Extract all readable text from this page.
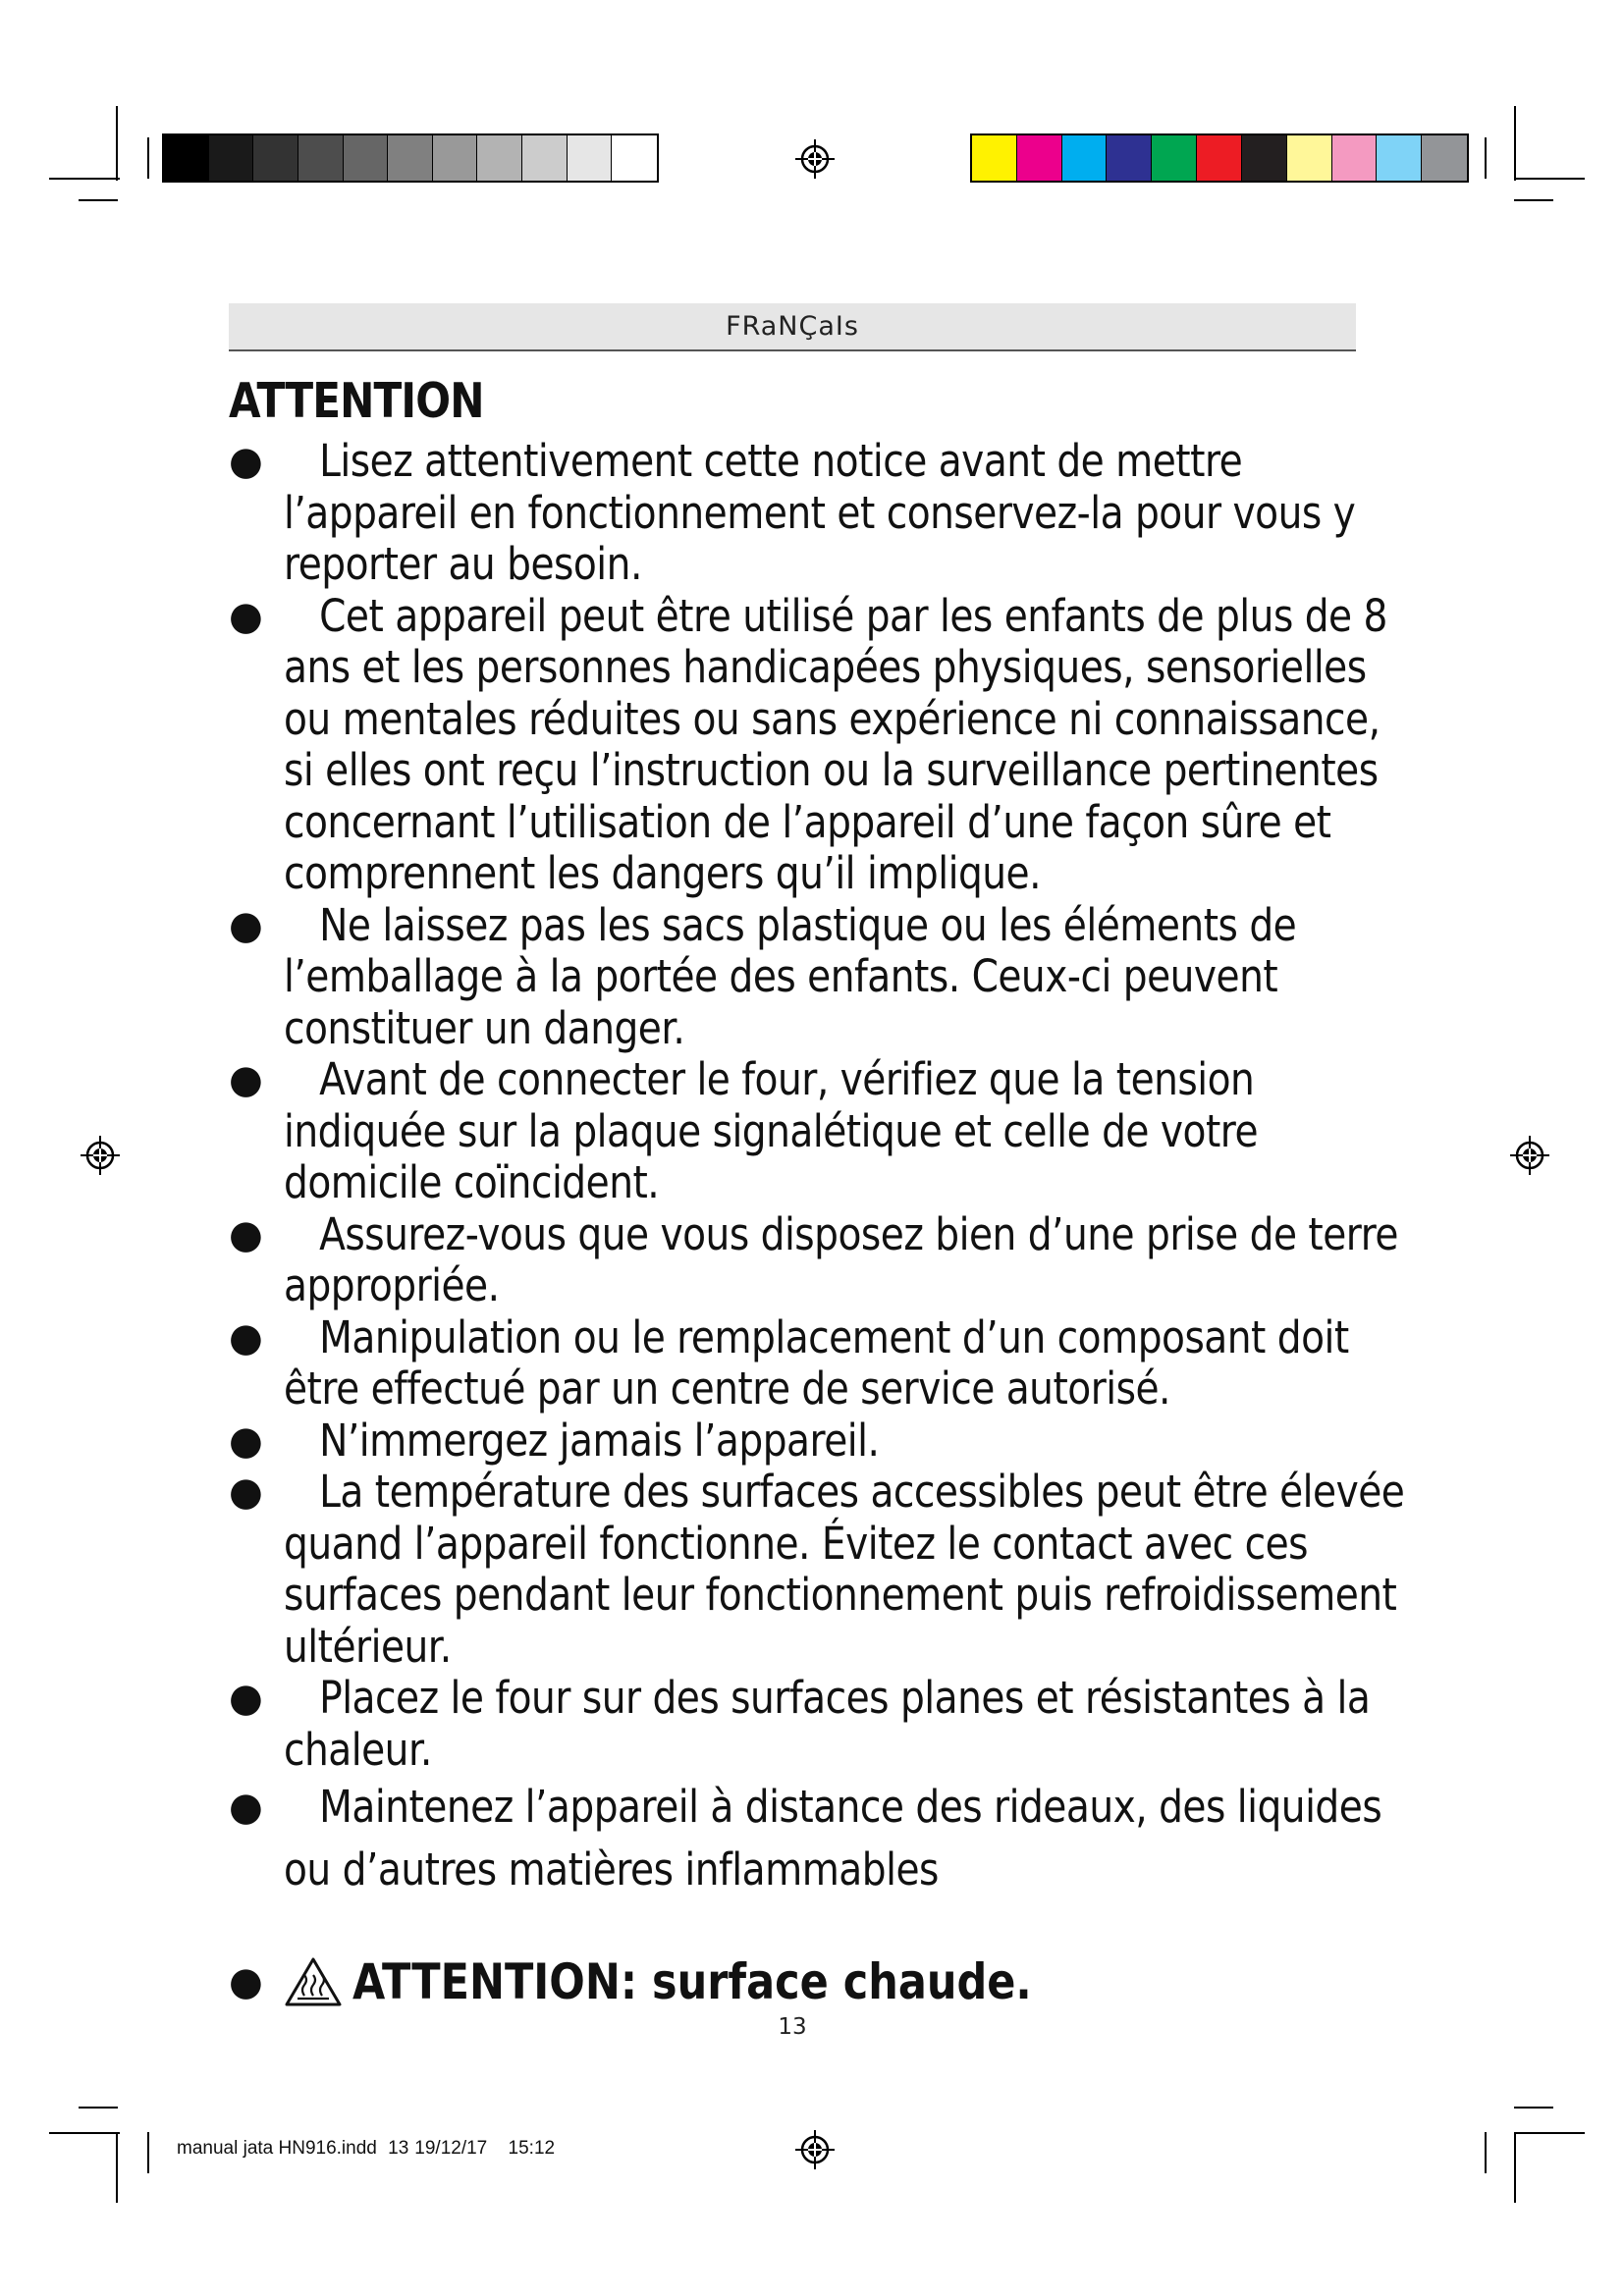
FRaNÇaIs
ATTENTION
●	Lisez attentivement cette notice avant de mettre l’appareil en fonctionnement et conservez-la pour vous y reporter au besoin.
●	Cet appareil peut être utilisé par les enfants de plus de 8 ans et les personnes handicapées physiques, sensorielles ou mentales réduites ou sans expérience ni connaissance, si elles ont reçu l’instruction ou la surveillance pertinentes concernant l’utilisation de l’appareil d’une façon sûre et comprennent les dangers qu’il implique.
●	Ne laissez pas les sacs plastique ou les éléments de l’emballage à la portée des enfants. Ceux-ci peuvent constituer un danger.
●	Avant de connecter le four, vérifiez que la tension indiquée sur la plaque signalétique et celle de votre domicile coïncident.
●	Assurez-vous que vous disposez bien d’une prise de terre appropriée.
●	Manipulation ou le remplacement d’un composant doit être effectué par un centre de service autorisé.
●	N’immergez jamais l’appareil.
●	La température des surfaces accessibles peut être élevée quand l’appareil fonctionne. Évitez le contact avec ces surfaces pendant leur fonctionnement puis refroidissement ultérieur.
●	Placez le four sur des surfaces planes et résistantes à la chaleur.
●	Maintenez l’appareil à distance des rideaux, des liquides ou d’autres matières inflammables
●	ATTENTION: surface chaude.
13
manual jata HN916.indd 13 19/12/17 15:12
